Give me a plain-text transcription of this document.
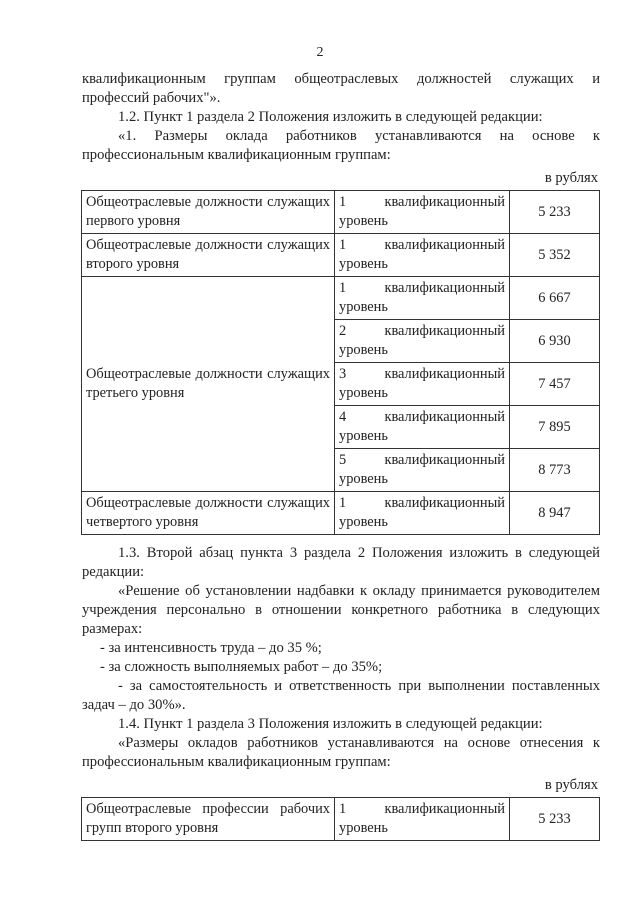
2

квалификационным группам общеотраслевых должностей служащих и

профессий рабочих"».

1.2. Пункт 1 раздела 2 Положения изложить в следующей редакции:

«1. Размеры оклада работников устанавливаются на основе к профессиональным квалификационным группам:

в рублях

Общеотраслевые должности служащих первого уровня	1 квалификационный уровень	5 233
Общеотраслевые должности служащих второго уровня	1 квалификационный уровень	5 352
Общеотраслевые должности служащих третьего уровня	1 квалификационный уровень	6 667
	2 квалификационный уровень	6 930
	3 квалификационный уровень	7 457
	4 квалификационный уровень	7 895
	5 квалификационный уровень	8 773
Общеотраслевые должности служащих четвертого уровня	1 квалификационный уровень	8 947

1.3. Второй абзац пункта 3 раздела 2 Положения изложить в следующей редакции:

«Решение об установлении надбавки к окладу принимается руководителем учреждения персонально в отношении конкретного работника в следующих размерах:

- за интенсивность труда – до 35 %;

- за сложность выполняемых работ – до 35%;

- за самостоятельность и ответственность при выполнении поставленных задач – до 30%».

1.4. Пункт 1 раздела 3 Положения изложить в следующей редакции:

«Размеры окладов работников устанавливаются на основе отнесения к профессиональным квалификационным группам:

в рублях

Общеотраслевые профессии рабочих групп второго уровня	1 квалификационный уровень	5 233
